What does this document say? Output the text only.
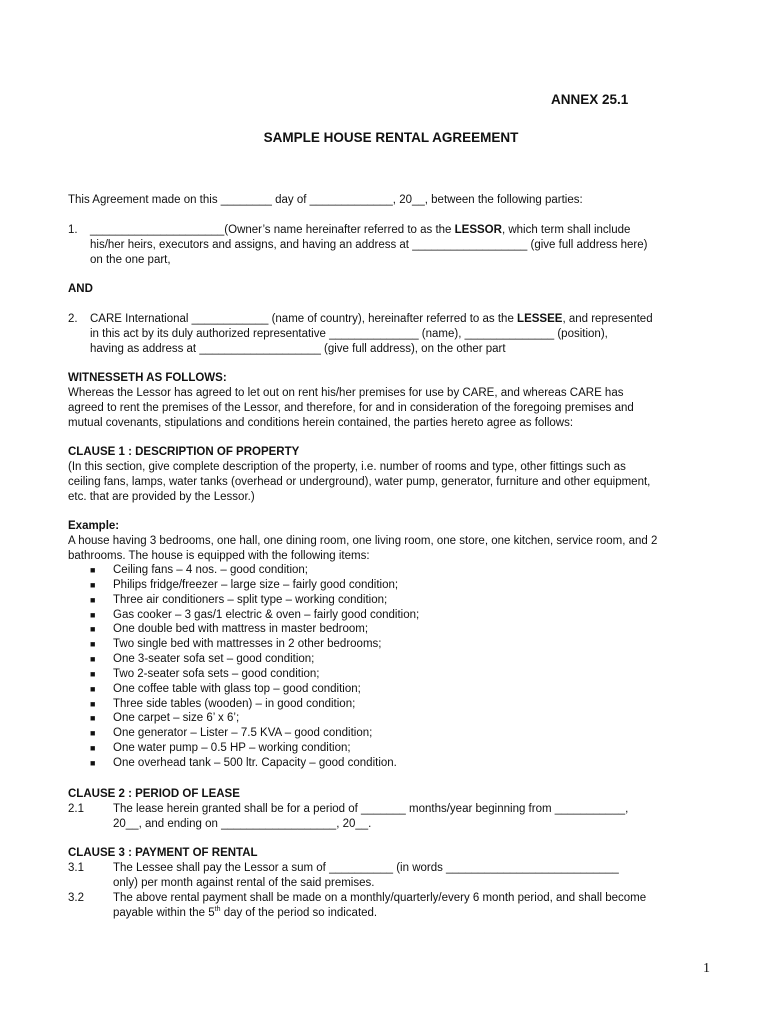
ANNEX 25.1
SAMPLE HOUSE RENTAL AGREEMENT
This Agreement made on this ________ day of _____________, 20__, between the following parties:
1. _____________________(Owner’s name hereinafter referred to as the LESSOR, which term shall include
his/her heirs, executors and assigns, and having an address at __________________ (give full address here)
on the one part,
AND
2. CARE International ____________ (name of country), hereinafter referred to as the LESSEE, and represented
in this act by its duly authorized representative ______________ (name), ______________ (position),
having as address at ___________________ (give full address), on the other part
WITNESSETH AS FOLLOWS:
Whereas the Lessor has agreed to let out on rent his/her premises for use by CARE, and whereas CARE has
agreed to rent the premises of the Lessor, and therefore, for and in consideration of the foregoing premises and
mutual covenants, stipulations and conditions herein contained, the parties hereto agree as follows:
CLAUSE 1 : DESCRIPTION OF PROPERTY
(In this section, give complete description of the property, i.e. number of rooms and type, other fittings such as
ceiling fans, lamps, water tanks (overhead or underground), water pump, generator, furniture and other equipment,
etc. that are provided by the Lessor.)
Example:
A house having 3 bedrooms, one hall, one dining room, one living room, one store, one kitchen, service room, and 2
bathrooms. The house is equipped with the following items:
■ Ceiling fans – 4 nos. – good condition;
■ Philips fridge/freezer – large size – fairly good condition;
■ Three air conditioners – split type – working condition;
■ Gas cooker – 3 gas/1 electric & oven – fairly good condition;
■ One double bed with mattress in master bedroom;
■ Two single bed with mattresses in 2 other bedrooms;
■ One 3-seater sofa set – good condition;
■ Two 2-seater sofa sets – good condition;
■ One coffee table with glass top – good condition;
■ Three side tables (wooden) – in good condition;
■ One carpet – size 6’ x 6’;
■ One generator – Lister – 7.5 KVA – good condition;
■ One water pump – 0.5 HP – working condition;
■ One overhead tank – 500 ltr. Capacity – good condition.
CLAUSE 2 : PERIOD OF LEASE
2.1	The lease herein granted shall be for a period of _______ months/year beginning from ___________,
20__, and ending on __________________, 20__.
CLAUSE 3 : PAYMENT OF RENTAL
3.1	The Lessee shall pay the Lessor a sum of __________ (in words ___________________________
only) per month against rental of the said premises.
3.2	The above rental payment shall be made on a monthly/quarterly/every 6 month period, and shall become
payable within the 5th day of the period so indicated.
1
